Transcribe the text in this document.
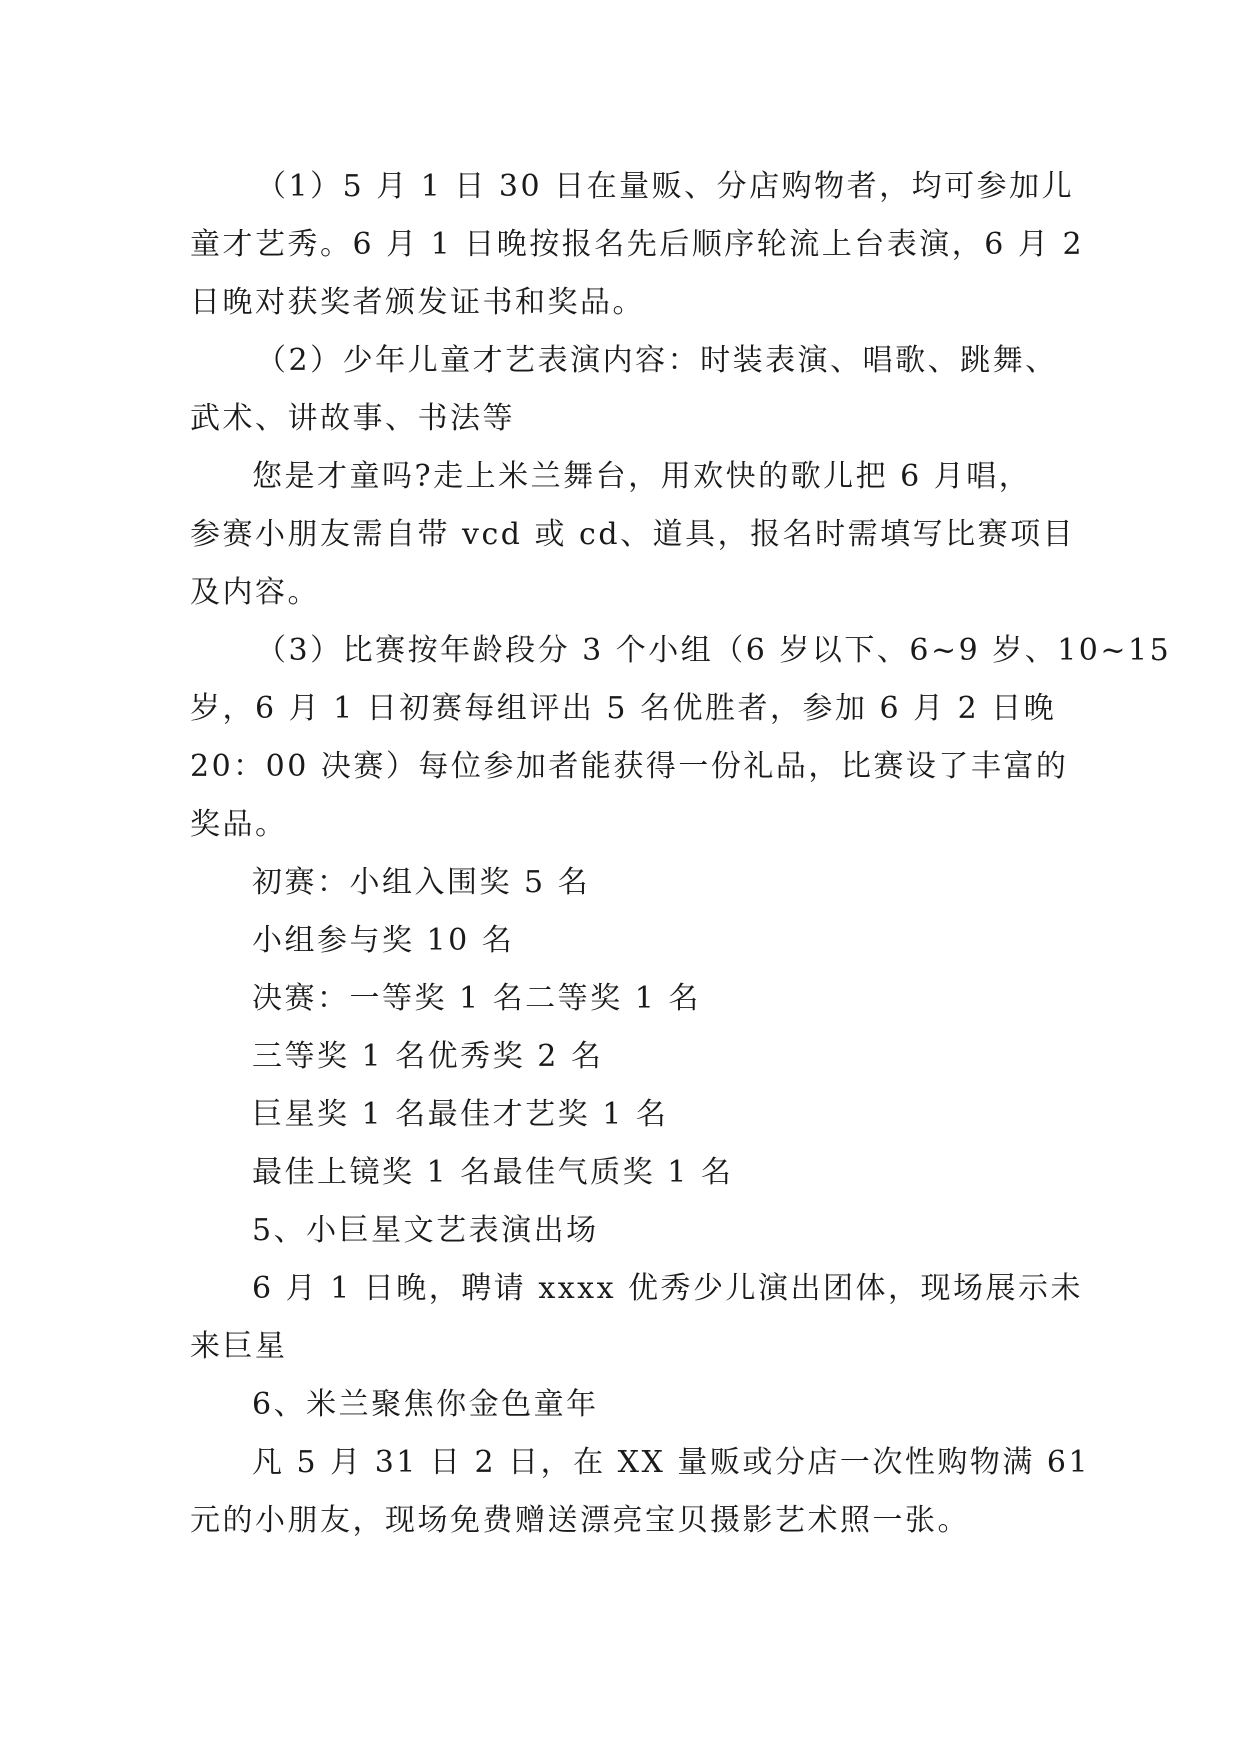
（1）5 月 1 日 30 日在量贩、分店购物者，均可参加儿
童才艺秀。6 月 1 日晚按报名先后顺序轮流上台表演，6 月 2
日晚对获奖者颁发证书和奖品。
（2）少年儿童才艺表演内容：时装表演、唱歌、跳舞、
武术、讲故事、书法等
您是才童吗?走上米兰舞台，用欢快的歌儿把 6 月唱，
参赛小朋友需自带 vcd 或 cd、道具，报名时需填写比赛项目
及内容。
（3）比赛按年龄段分 3 个小组（6 岁以下、6~9 岁、10~15
岁，6 月 1 日初赛每组评出 5 名优胜者，参加 6 月 2 日晚
20：00 决赛）每位参加者能获得一份礼品，比赛设了丰富的
奖品。
初赛：小组入围奖 5 名
小组参与奖 10 名
决赛：一等奖 1 名二等奖 1 名
三等奖 1 名优秀奖 2 名
巨星奖 1 名最佳才艺奖 1 名
最佳上镜奖 1 名最佳气质奖 1 名
5、小巨星文艺表演出场
6 月 1 日晚，聘请 xxxx 优秀少儿演出团体，现场展示未
来巨星
6、米兰聚焦你金色童年
凡 5 月 31 日 2 日，在 XX 量贩或分店一次性购物满 61
元的小朋友，现场免费赠送漂亮宝贝摄影艺术照一张。
